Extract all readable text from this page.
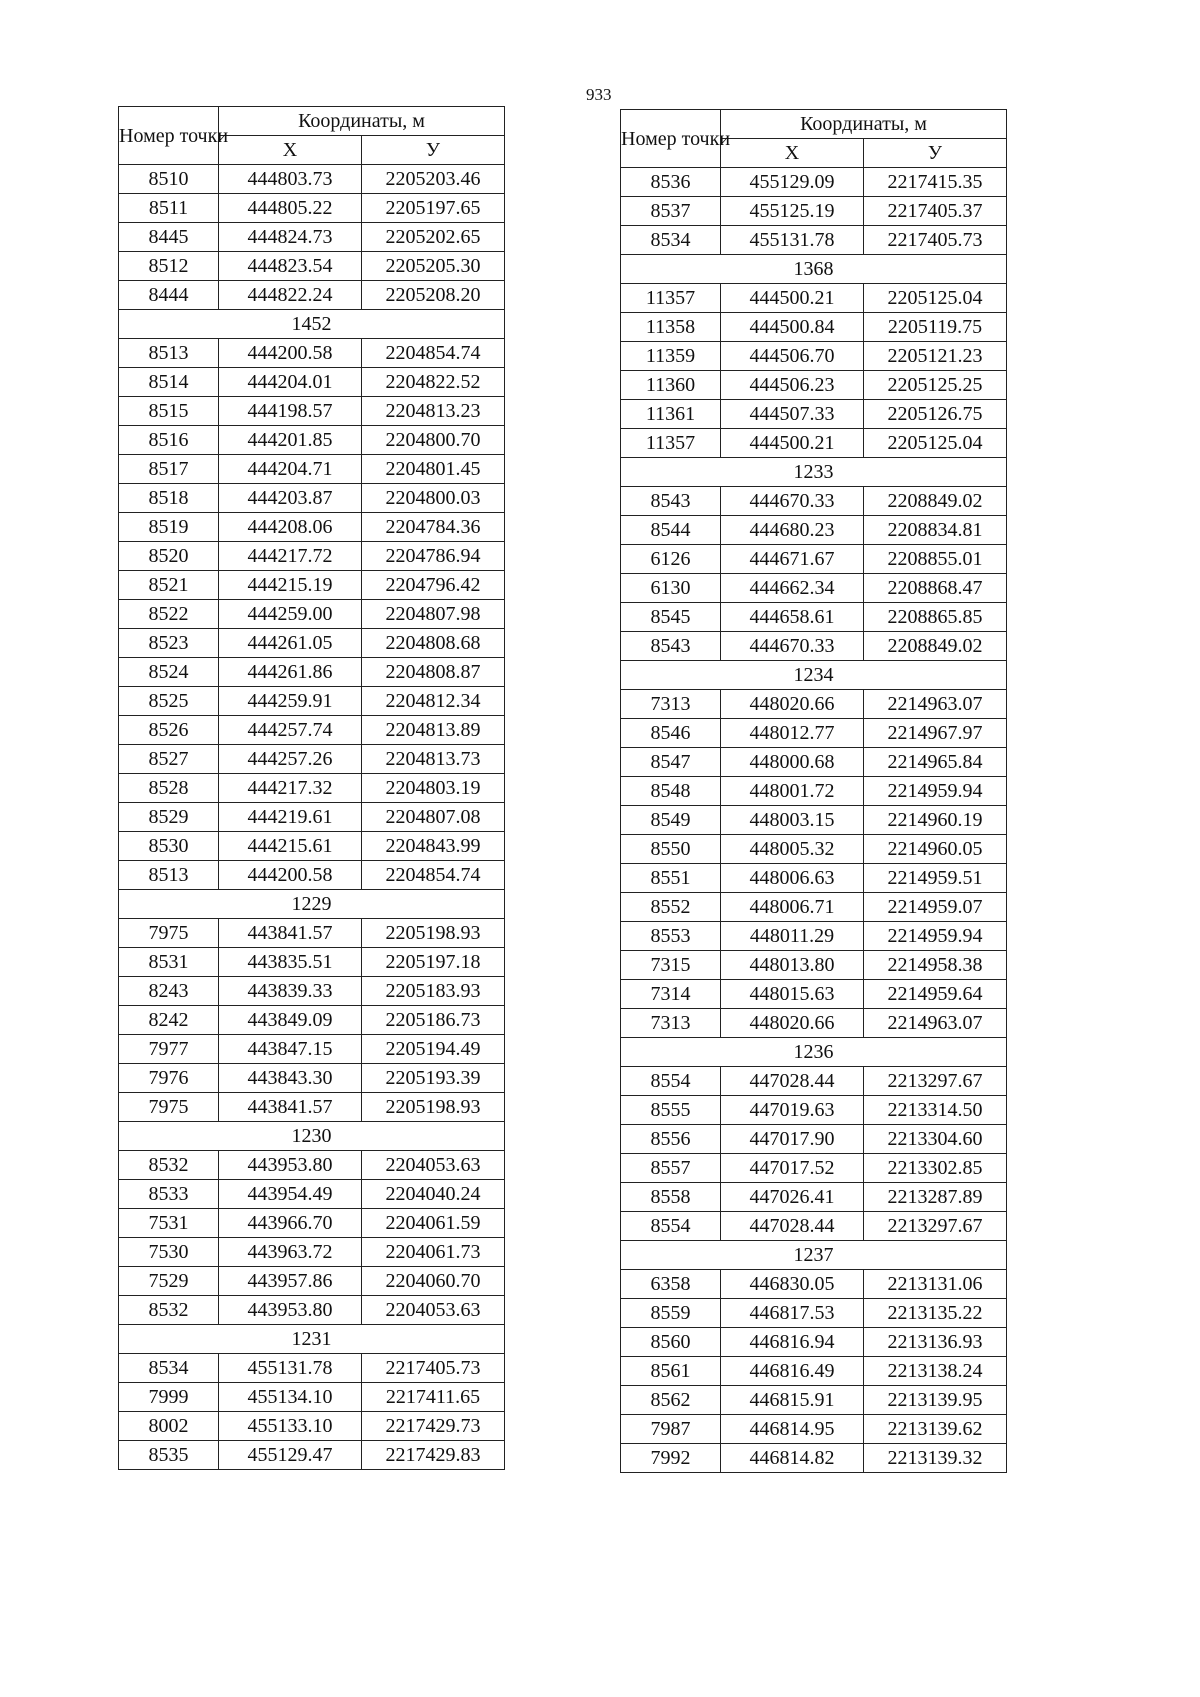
933
Номер точки	Координаты, м	
	X	У
8510	444803.73	2205203.46
8511	444805.22	2205197.65
8445	444824.73	2205202.65
8512	444823.54	2205205.30
8444	444822.24	2205208.20
1452		
8513	444200.58	2204854.74
8514	444204.01	2204822.52
8515	444198.57	2204813.23
8516	444201.85	2204800.70
8517	444204.71	2204801.45
8518	444203.87	2204800.03
8519	444208.06	2204784.36
8520	444217.72	2204786.94
8521	444215.19	2204796.42
8522	444259.00	2204807.98
8523	444261.05	2204808.68
8524	444261.86	2204808.87
8525	444259.91	2204812.34
8526	444257.74	2204813.89
8527	444257.26	2204813.73
8528	444217.32	2204803.19
8529	444219.61	2204807.08
8530	444215.61	2204843.99
8513	444200.58	2204854.74
1229		
7975	443841.57	2205198.93
8531	443835.51	2205197.18
8243	443839.33	2205183.93
8242	443849.09	2205186.73
7977	443847.15	2205194.49
7976	443843.30	2205193.39
7975	443841.57	2205198.93
1230		
8532	443953.80	2204053.63
8533	443954.49	2204040.24
7531	443966.70	2204061.59
7530	443963.72	2204061.73
7529	443957.86	2204060.70
8532	443953.80	2204053.63
1231		
8534	455131.78	2217405.73
7999	455134.10	2217411.65
8002	455133.10	2217429.73
8535	455129.47	2217429.83
Номер точки	Координаты, м	
	X	У
8536	455129.09	2217415.35
8537	455125.19	2217405.37
8534	455131.78	2217405.73
1368		
11357	444500.21	2205125.04
11358	444500.84	2205119.75
11359	444506.70	2205121.23
11360	444506.23	2205125.25
11361	444507.33	2205126.75
11357	444500.21	2205125.04
1233		
8543	444670.33	2208849.02
8544	444680.23	2208834.81
6126	444671.67	2208855.01
6130	444662.34	2208868.47
8545	444658.61	2208865.85
8543	444670.33	2208849.02
1234		
7313	448020.66	2214963.07
8546	448012.77	2214967.97
8547	448000.68	2214965.84
8548	448001.72	2214959.94
8549	448003.15	2214960.19
8550	448005.32	2214960.05
8551	448006.63	2214959.51
8552	448006.71	2214959.07
8553	448011.29	2214959.94
7315	448013.80	2214958.38
7314	448015.63	2214959.64
7313	448020.66	2214963.07
1236		
8554	447028.44	2213297.67
8555	447019.63	2213314.50
8556	447017.90	2213304.60
8557	447017.52	2213302.85
8558	447026.41	2213287.89
8554	447028.44	2213297.67
1237		
6358	446830.05	2213131.06
8559	446817.53	2213135.22
8560	446816.94	2213136.93
8561	446816.49	2213138.24
8562	446815.91	2213139.95
7987	446814.95	2213139.62
7992	446814.82	2213139.32
